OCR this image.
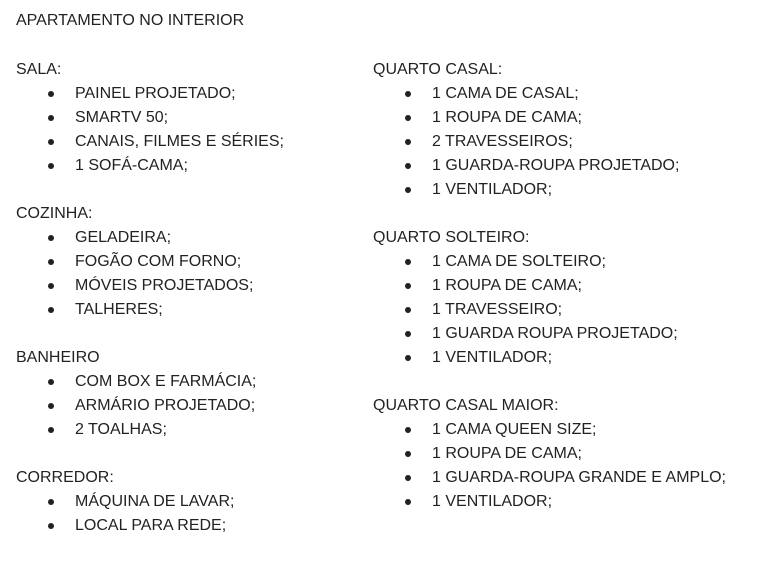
APARTAMENTO NO INTERIOR
SALA:
PAINEL PROJETADO;
SMARTV 50;
CANAIS, FILMES E SÉRIES;
1 SOFÁ-CAMA;
COZINHA:
GELADEIRA;
FOGÃO COM FORNO;
MÓVEIS PROJETADOS;
TALHERES;
BANHEIRO
COM BOX E FARMÁCIA;
ARMÁRIO PROJETADO;
2 TOALHAS;
CORREDOR:
MÁQUINA DE LAVAR;
LOCAL PARA REDE;
QUARTO CASAL:
1 CAMA DE CASAL;
1 ROUPA DE CAMA;
2 TRAVESSEIROS;
1 GUARDA-ROUPA PROJETADO;
1 VENTILADOR;
QUARTO SOLTEIRO:
1 CAMA DE SOLTEIRO;
1 ROUPA DE CAMA;
1 TRAVESSEIRO;
1 GUARDA ROUPA PROJETADO;
1 VENTILADOR;
QUARTO CASAL MAIOR:
1 CAMA QUEEN SIZE;
1 ROUPA DE CAMA;
1 GUARDA-ROUPA GRANDE E AMPLO;
1 VENTILADOR;
